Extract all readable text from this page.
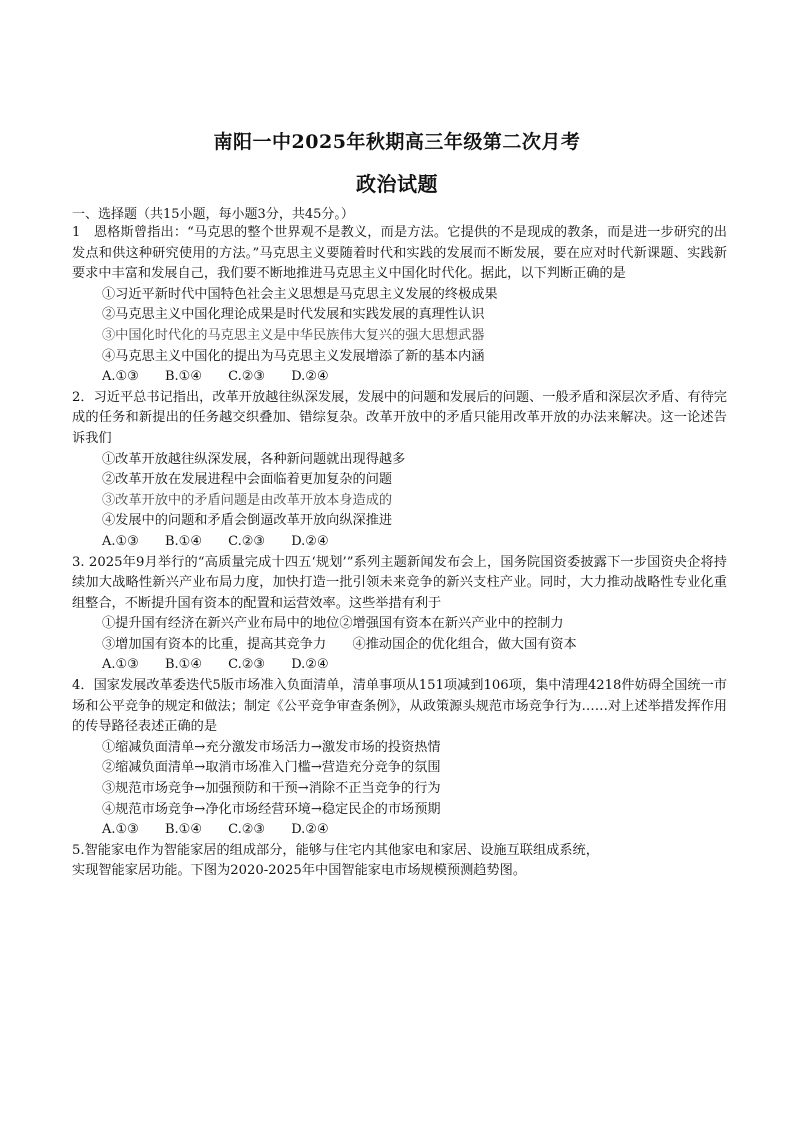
南阳一中2025年秋期高三年级第二次月考
政治试题
一、选择题（共15小题，每小题3分，共45分。）

1　恩格斯曾指出：“马克思的整个世界观不是教义，而是方法。它提供的不是现成的教条，而是进一步研究的出发点和供这种研究使用的方法。”马克思主义要随着时代和实践的发展而不断发展，要在应对时代新课题、实践新要求中丰富和发展自己，我们要不断地推进马克思主义中国化时代化。据此，以下判断正确的是

①习近平新时代中国特色社会主义思想是马克思主义发展的终极成果

②马克思主义中国化理论成果是时代发展和实践发展的真理性认识

③中国化时代化的马克思主义是中华民族伟大复兴的强大思想武器

④马克思主义中国化的提出为马克思主义发展增添了新的基本内涵

A.①③ B.①④ C.②③ D.②④

2．习近平总书记指出，改革开放越往纵深发展，发展中的问题和发展后的问题、一般矛盾和深层次矛盾、有待完成的任务和新提出的任务越交织叠加、错综复杂。改革开放中的矛盾只能用改革开放的办法来解决。这一论述告诉我们

①改革开放越往纵深发展，各种新问题就出现得越多

②改革开放在发展进程中会面临着更加复杂的问题

③改革开放中的矛盾问题是由改革开放本身造成的

④发展中的问题和矛盾会倒逼改革开放向纵深推进

A.①③ B.①④ C.②③ D.②④

3. 2025年9月举行的“高质量完成十四五‘规划’”系列主题新闻发布会上，国务院国资委披露下一步国资央企将持续加大战略性新兴产业布局力度，加快打造一批引领未来竞争的新兴支柱产业。同时，大力推动战略性专业化重组整合，不断提升国有资本的配置和运营效率。这些举措有利于

①提升国有经济在新兴产业布局中的地位②增强国有资本在新兴产业中的控制力

③增加国有资本的比重，提高其竞争力　　④推动国企的优化组合，做大国有资本

A.①③ B.①④ C.②③ D.②④

4．国家发展改革委迭代5版市场准入负面清单，清单事项从151项减到106项，集中清理4218件妨碍全国统一市场和公平竞争的规定和做法；制定《公平竞争审查条例》，从政策源头规范市场竞争行为……对上述举措发挥作用的传导路径表述正确的是

①缩减负面清单→充分激发市场活力→激发市场的投资热情

②缩减负面清单→取消市场准入门槛→营造充分竞争的氛围

③规范市场竞争→加强预防和干预→消除不正当竞争的行为

④规范市场竞争→净化市场经营环境→稳定民企的市场预期

A.①③ B.①④ C.②③ D.②④

5.智能家电作为智能家居的组成部分，能够与住宅内其他家电和家居、设施互联组成系统，

实现智能家居功能。下图为2020-2025年中国智能家电市场规模预测趋势图。
